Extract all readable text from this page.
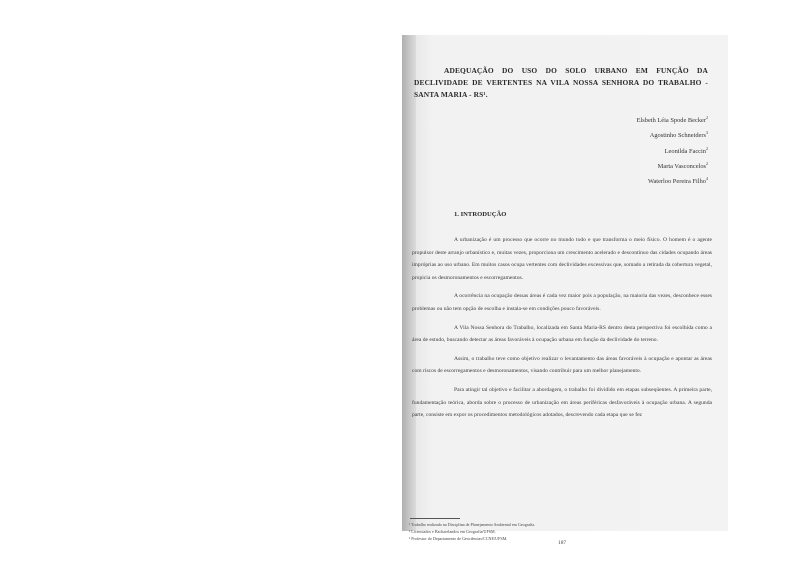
ADEQUAÇÃO DO USO DO SOLO URBANO EM FUNÇÃO DA DECLIVIDADE DE VERTENTES NA VILA NOSSA SENHORA DO TRABALHO - SANTA MARIA - RS¹.
Elsbeth Léia Spode Becker$^2$
Agostinho Schneiders$^3$
Leonilda Faccin$^2$
Marta Vasconcelos$^2$
Waterloo Pereira Filho$^4$
1. INTRODUÇÃO

A urbanização é um processo que ocorre no mundo todo e que transforma o meio físico. O homem é o agente propulsor deste arranjo urbanístico e, muitas vezes, proporciona um crescimento acelerado e descontínuo das cidades ocupando áreas impróprias ao uso urbano. Em muitos casos ocupa vertentes com declividades excessivas que, somado a retirada da cobertura vegetal, propicia os desmoronamentos e escorregamentos.

A ocorrência na ocupação dessas áreas é cada vez maior pois a população, na maioria das vezes, desconhece esses problemas ou não tem opção de escolha e instala-se em condições pouco favoráveis.

A Vila Nossa Senhora do Trabalho, localizada em Santa Maria-RS dentro desta perspectiva foi escolhida como a área de estudo, buscando detectar as áreas favoráveis à ocupação urbana em função da declividade do terreno.

Assim, o trabalho teve como objetivo realizar o levantamento das áreas favoráveis à ocupação e apontar as áreas com riscos de escorregamentos e desmoronamentos, visando contribuir para um melhor planejamento.

Para atingir tal objetivo e facilitar a abordagem, o trabalho foi dividido em etapas subseqüentes. A primeira parte, fundamentação teórica, aborda sobre o processo de urbanização em áreas periféricas desfavoráveis à ocupação urbana. A segunda parte, consiste em expor os procedimentos metodológicos adotados, descrevendo cada etapa que se fez

¹ Trabalho realizado na Disciplina de Planejamento Ambiental em Geografia.
² Licenciados e Bacharelandos em Geografia/UFSM.
³ Professor do Departamento de Geociências/CCNE/UFSM.
187
